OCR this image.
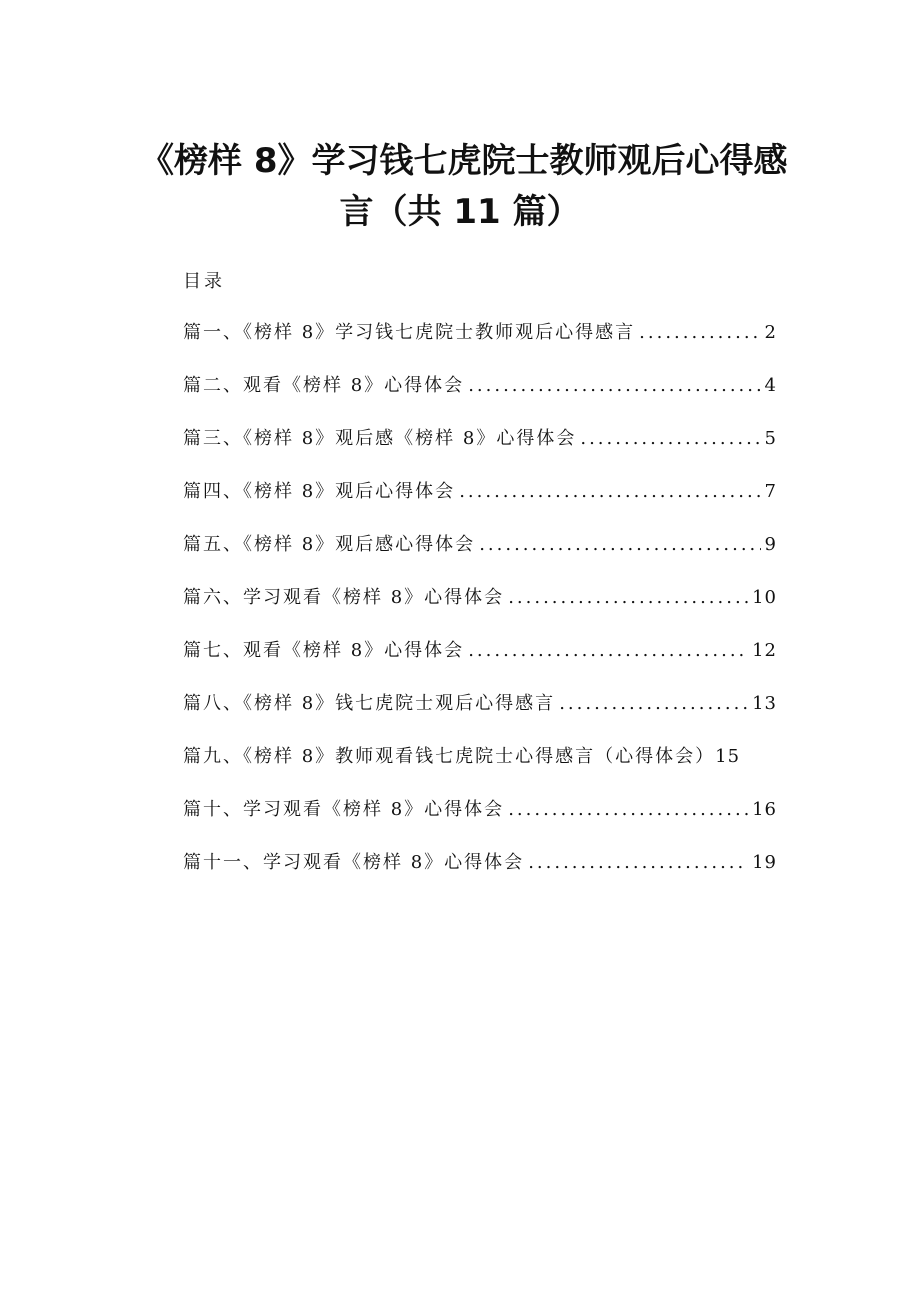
《榜样 8》学习钱七虎院士教师观后心得感
言（共 11 篇）
目录
篇一、《榜样 8》学习钱七虎院士教师观后心得感言 .....	2
篇二、观看《榜样 8》心得体会 .....	4
篇三、《榜样 8》观后感《榜样 8》心得体会 .....	5
篇四、《榜样 8》观后心得体会 .....	7
篇五、《榜样 8》观后感心得体会 .....	9
篇六、学习观看《榜样 8》心得体会 .....	10
篇七、观看《榜样 8》心得体会 .....	12
篇八、《榜样 8》钱七虎院士观后心得感言 .....	13
篇九、《榜样 8》教师观看钱七虎院士心得感言（心得体会） 15
篇十、学习观看《榜样 8》心得体会 .....	16
篇十一、学习观看《榜样 8》心得体会 .....	19
